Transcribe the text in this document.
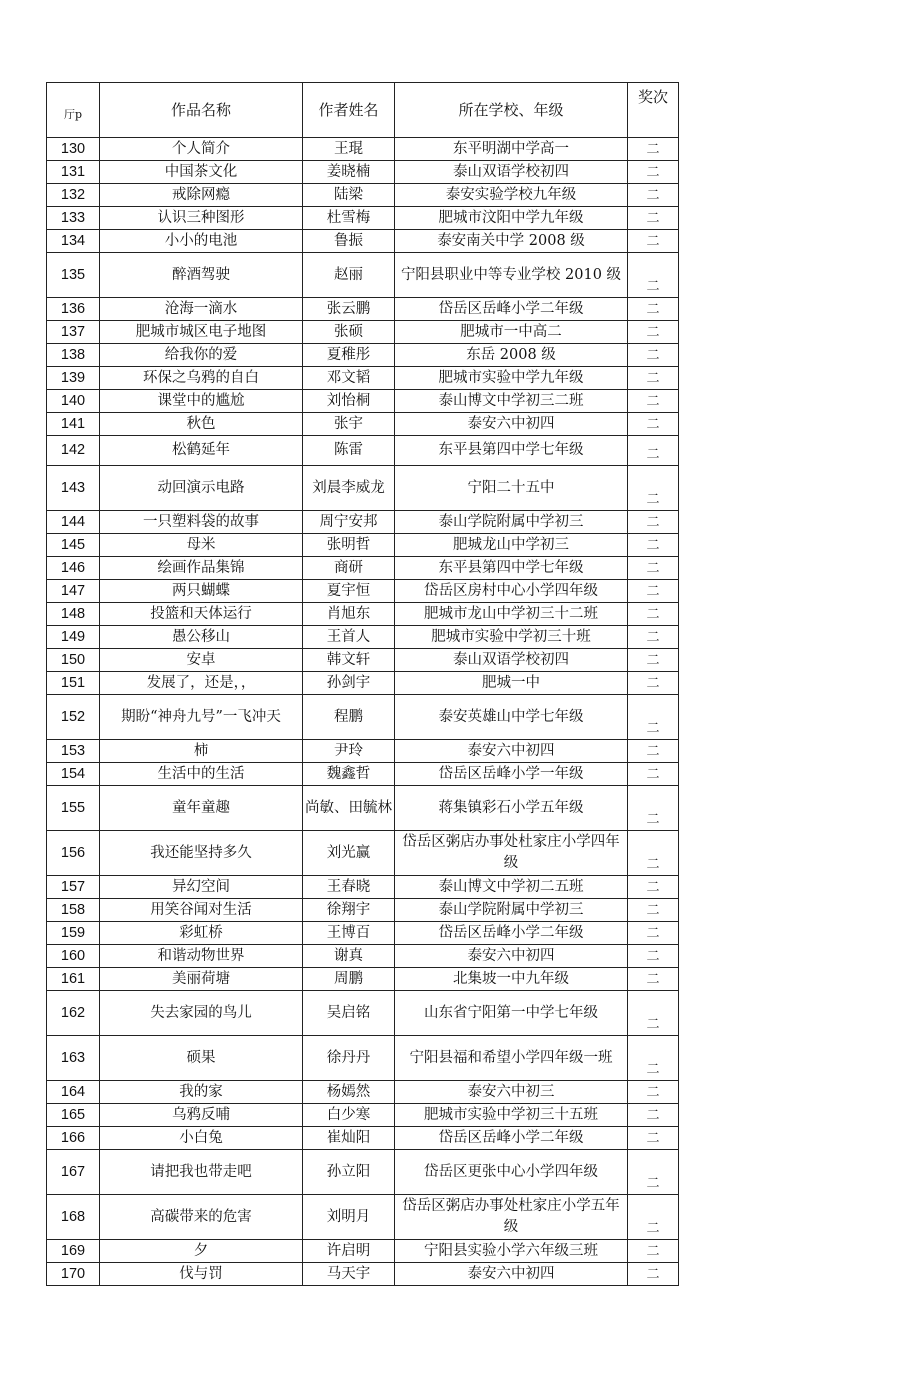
厅p	作品名称	作者姓名	所在学校、年级	奖次
130	个人简介	王琨	东平明湖中学高一	二
131	中国茶文化	姜晓楠	泰山双语学校初四	二
132	戒除网瘾	陆梁	泰安实验学校九年级	二
133	认识三种图形	杜雪梅	肥城市汶阳中学九年级	二
134	小小的电池	鲁振	泰安南关中学 2008 级	二
135	醉酒驾驶	赵丽	宁阳县职业中等专业学校 2010 级	二
136	沧海一滴水	张云鹏	岱岳区岳峰小学二年级	二
137	肥城市城区电子地图	张硕	肥城市一中高二	二
138	给我你的爱	夏稚彤	东岳 2008 级	二
139	环保之乌鸦的自白	邓文韬	肥城市实验中学九年级	二
140	课堂中的尴尬	刘怡桐	泰山博文中学初三二班	二
141	秋色	张宇	泰安六中初四	二
142	松鹤延年	陈雷	东平县第四中学七年级	二
143	动回演示电路	刘晨李威龙	宁阳二十五中	二
144	一只塑料袋的故事	周宁安邦	泰山学院附属中学初三	二
145	母米	张明哲	肥城龙山中学初三	二
146	绘画作品集锦	商研	东平县第四中学七年级	二
147	两只蝴蝶	夏宇恒	岱岳区房村中心小学四年级	二
148	投篮和天体运行	肖旭东	肥城市龙山中学初三十二班	二
149	愚公移山	王首人	肥城市实验中学初三十班	二
150	安卓	韩文轩	泰山双语学校初四	二
151	发展了，还是，，	孙剑宇	肥城一中	二
152	期盼“神舟九号”一飞冲天	程鹏	泰安英雄山中学七年级	二
153	柿	尹玲	泰安六中初四	二
154	生活中的生活	魏鑫哲	岱岳区岳峰小学一年级	二
155	童年童趣	尚敏、田毓林	蒋集镇彩石小学五年级	二
156	我还能坚持多久	刘光赢	岱岳区粥店办事处杜家庄小学四年级	二
157	异幻空间	王春晓	泰山博文中学初二五班	二
158	用笑谷闻对生活	徐翔宇	泰山学院附属中学初三	二
159	彩虹桥	王博百	岱岳区岳峰小学二年级	二
160	和谐动物世界	谢真	泰安六中初四	二
161	美丽荷塘	周鹏	北集坡一中九年级	二
162	失去家园的鸟儿	吴启铭	山东省宁阳第一中学七年级	二
163	硕果	徐丹丹	宁阳县福和希望小学四年级一班	二
164	我的家	杨嫣然	泰安六中初三	二
165	乌鸦反哺	白少寒	肥城市实验中学初三十五班	二
166	小白兔	崔灿阳	岱岳区岳峰小学二年级	二
167	请把我也带走吧	孙立阳	岱岳区更张中心小学四年级	二
168	高碳带来的危害	刘明月	岱岳区粥店办事处杜家庄小学五年级	二
169	夕	许启明	宁阳县实验小学六年级三班	二
170	伐与罚	马天宇	泰安六中初四	二
